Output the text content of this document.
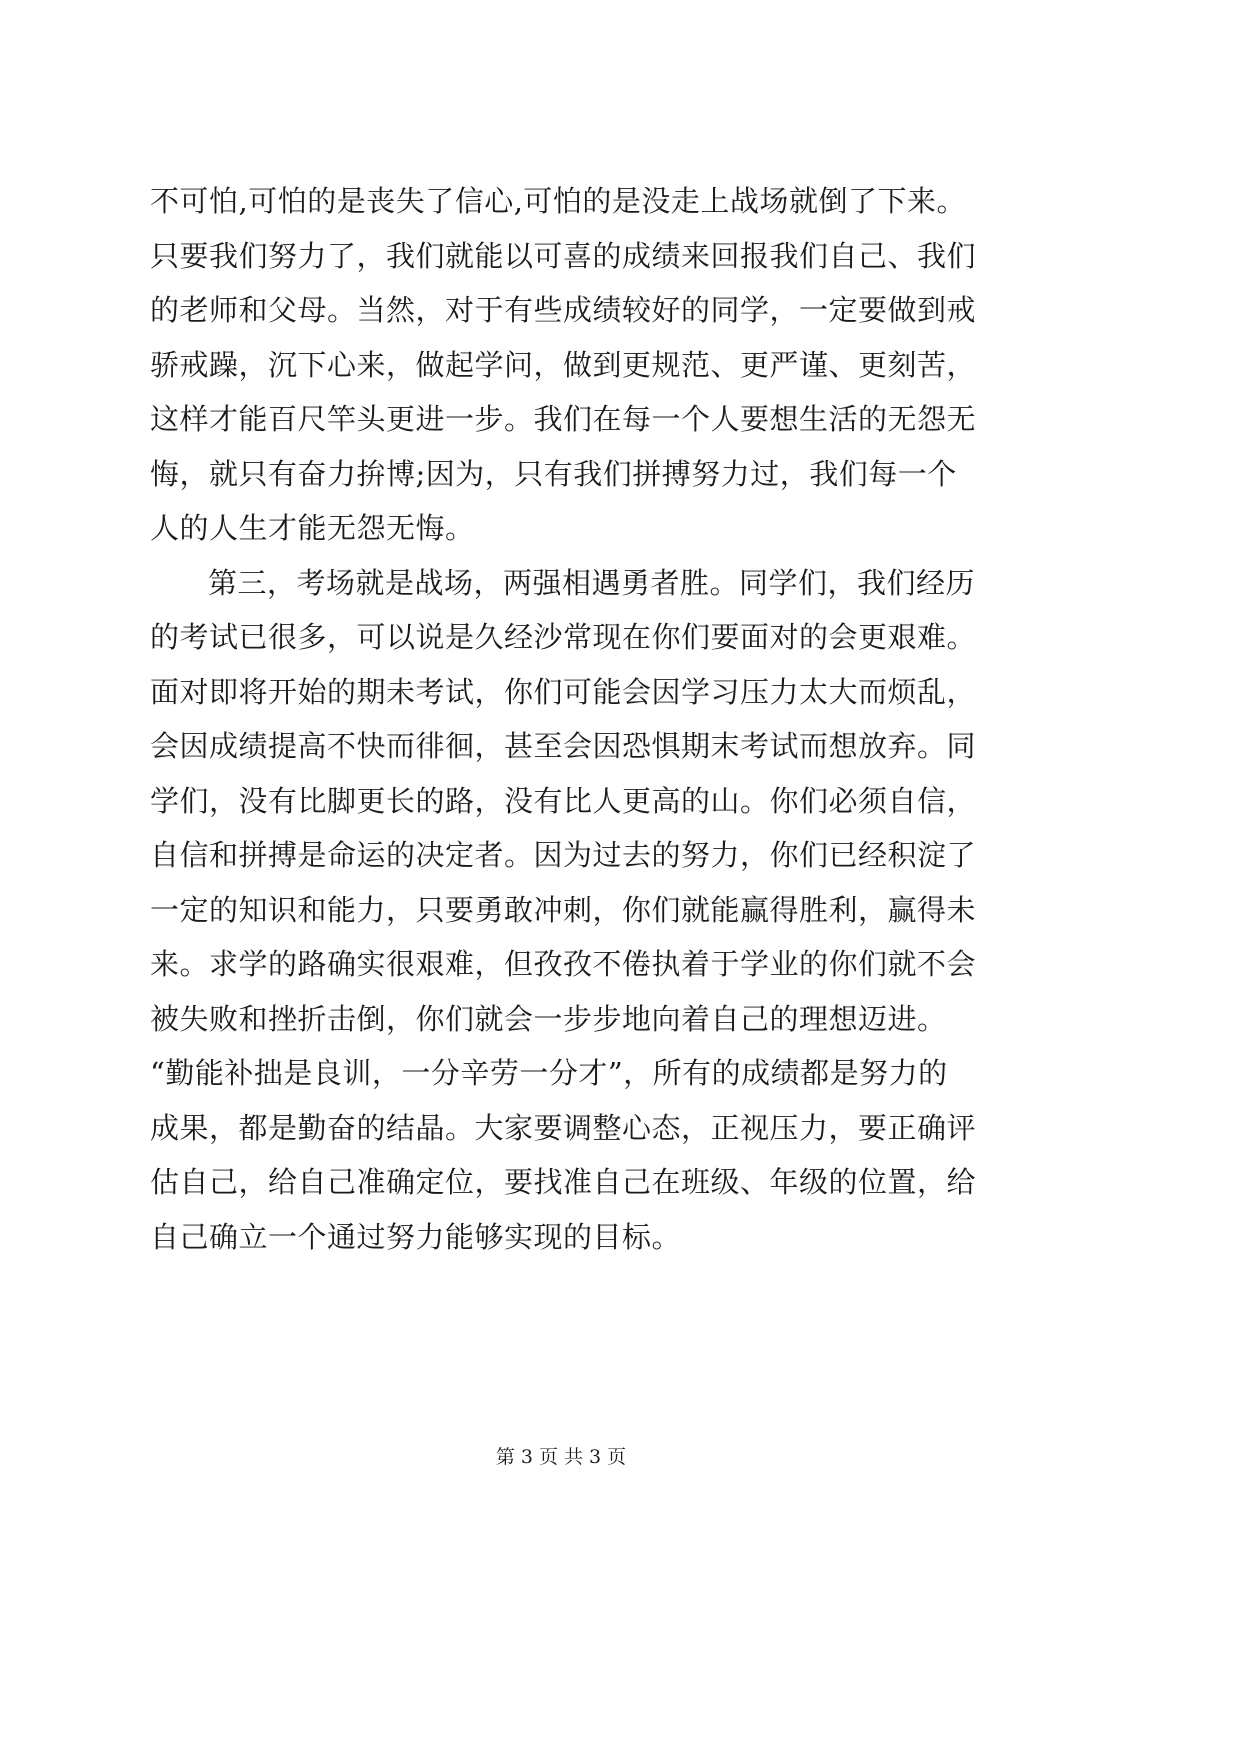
不可怕,可怕的是丧失了信心,可怕的是没走上战场就倒了下来。
只要我们努力了，我们就能以可喜的成绩来回报我们自己、我们
的老师和父母。当然，对于有些成绩较好的同学，一定要做到戒
骄戒躁，沉下心来，做起学问，做到更规范、更严谨、更刻苦，
这样才能百尺竿头更进一步。我们在每一个人要想生活的无怨无
悔，就只有奋力拚博;因为，只有我们拼搏努力过，我们每一个
人的人生才能无怨无悔。
第三，考场就是战场，两强相遇勇者胜。同学们，我们经历
的考试已很多，可以说是久经沙常现在你们要面对的会更艰难。
面对即将开始的期未考试，你们可能会因学习压力太大而烦乱，
会因成绩提高不快而徘徊，甚至会因恐惧期末考试而想放弃。同
学们，没有比脚更长的路，没有比人更高的山。你们必须自信，
自信和拼搏是命运的决定者。因为过去的努力，你们已经积淀了
一定的知识和能力，只要勇敢冲刺，你们就能赢得胜利，赢得未
来。求学的路确实很艰难，但孜孜不倦执着于学业的你们就不会
被失败和挫折击倒，你们就会一步步地向着自己的理想迈进。
“勤能补拙是良训，一分辛劳一分才”，所有的成绩都是努力的
成果，都是勤奋的结晶。大家要调整心态，正视压力，要正确评
估自己，给自己准确定位，要找准自己在班级、年级的位置，给
自己确立一个通过努力能够实现的目标。
第 3 页 共 3 页
